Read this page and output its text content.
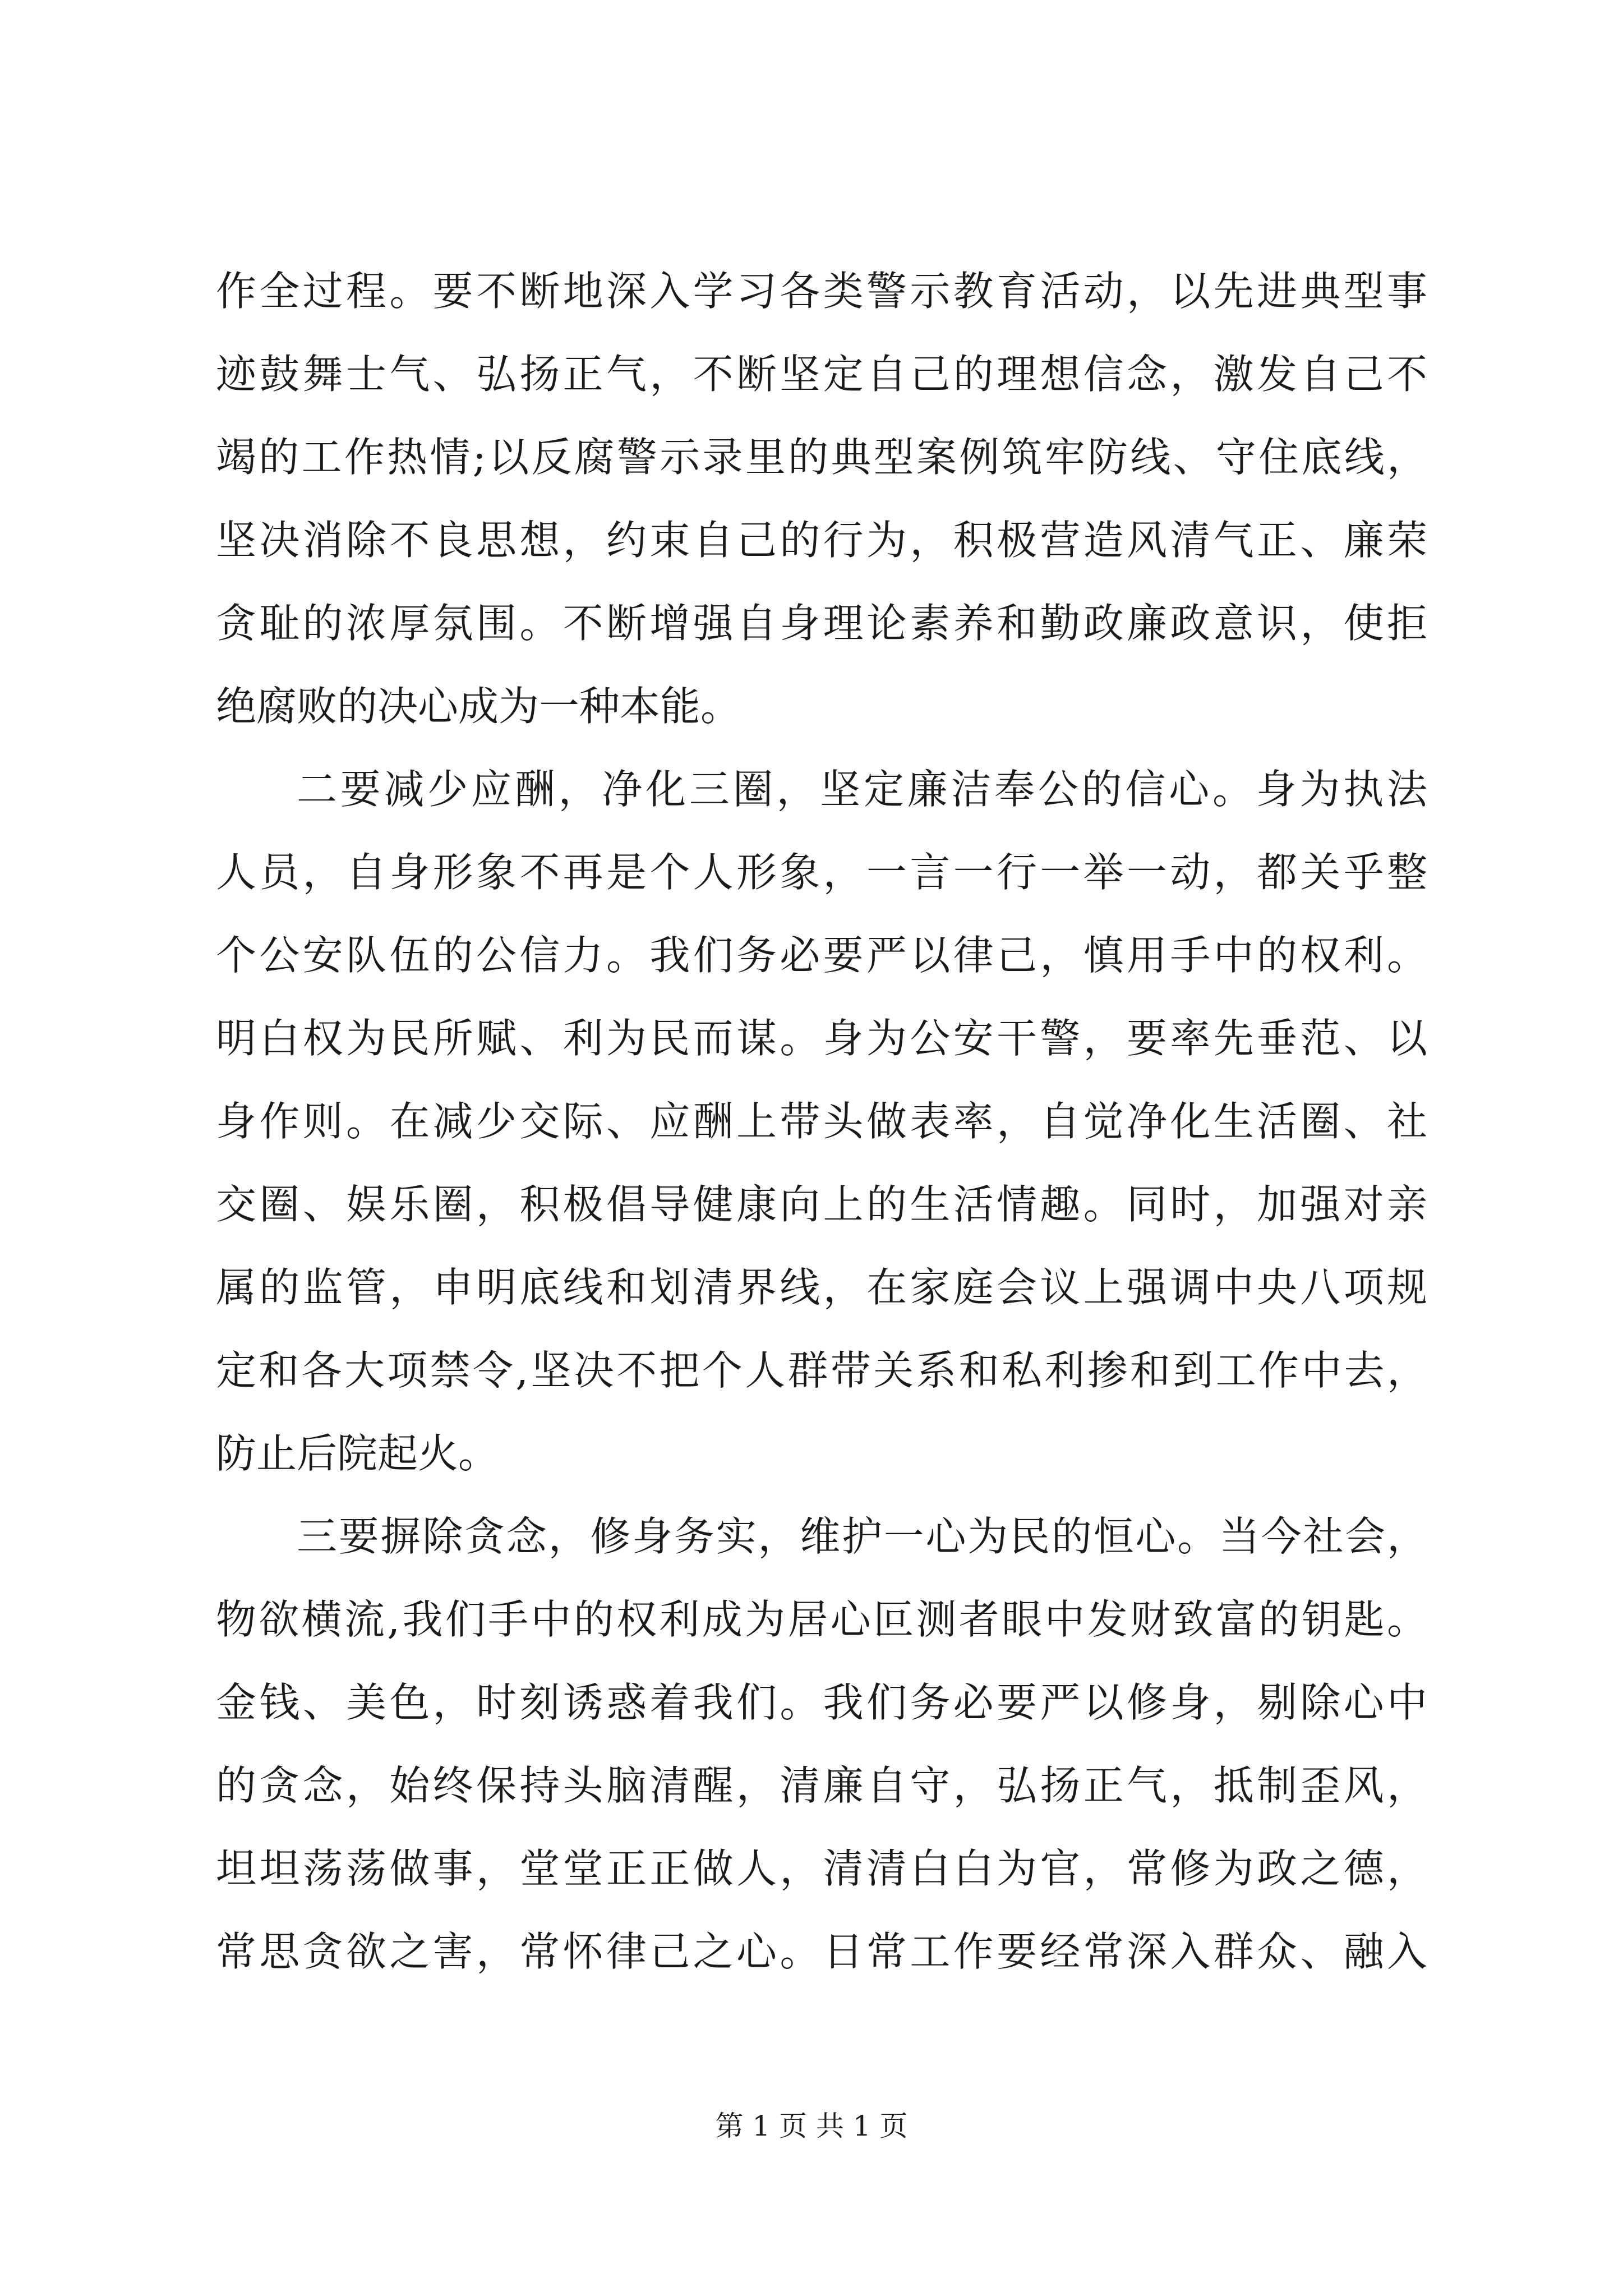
作全过程。要不断地深入学习各类警示教育活动，以先进典型事
迹鼓舞士气、弘扬正气，不断坚定自己的理想信念，激发自己不
竭的工作热情;以反腐警示录里的典型案例筑牢防线、守住底线，
坚决消除不良思想，约束自己的行为，积极营造风清气正、廉荣
贪耻的浓厚氛围。不断增强自身理论素养和勤政廉政意识，使拒
绝腐败的决心成为一种本能。
二要减少应酬，净化三圈，坚定廉洁奉公的信心。身为执法
人员，自身形象不再是个人形象，一言一行一举一动，都关乎整
个公安队伍的公信力。我们务必要严以律己，慎用手中的权利。
明白权为民所赋、利为民而谋。身为公安干警，要率先垂范、以
身作则。在减少交际、应酬上带头做表率，自觉净化生活圈、社
交圈、娱乐圈，积极倡导健康向上的生活情趣。同时，加强对亲
属的监管，申明底线和划清界线，在家庭会议上强调中央八项规
定和各大项禁令,坚决不把个人群带关系和私利掺和到工作中去，
防止后院起火。
三要摒除贪念，修身务实，维护一心为民的恒心。当今社会，
物欲横流,我们手中的权利成为居心叵测者眼中发财致富的钥匙。
金钱、美色，时刻诱惑着我们。我们务必要严以修身，剔除心中
的贪念，始终保持头脑清醒，清廉自守，弘扬正气，抵制歪风，
坦坦荡荡做事，堂堂正正做人，清清白白为官，常修为政之德，
常思贪欲之害，常怀律己之心。日常工作要经常深入群众、融入
第 1 页 共 1 页
